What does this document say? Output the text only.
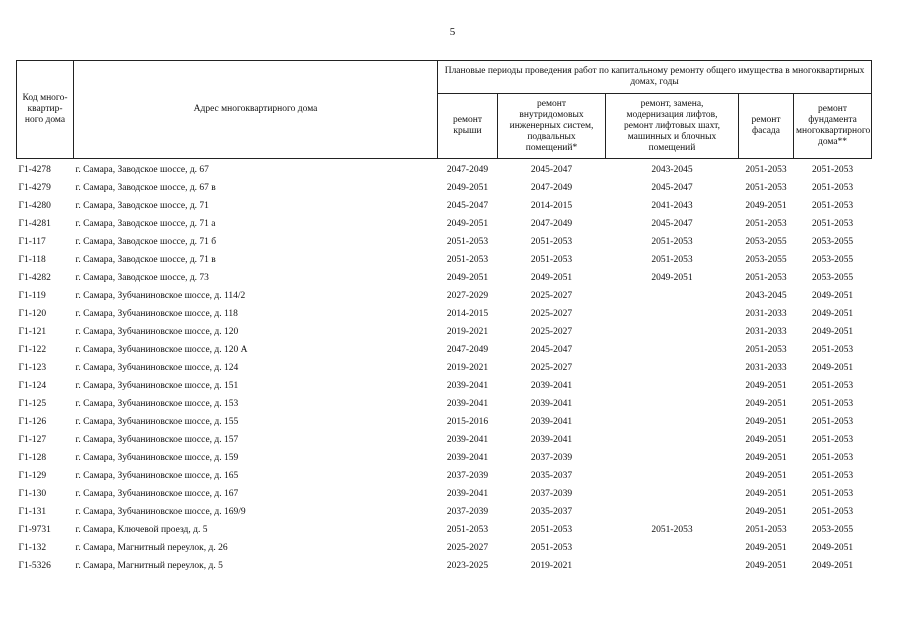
5
Код много-
квартир-
ного дома	Адрес многоквартирного дома	Плановые периоды проведения работ по капитальному ремонту общего имущества в многоквартирных домах, годы				
		ремонт
крыши	ремонт
внутридомовых
инженерных систем,
подвальных
помещений*	ремонт, замена,
модернизация лифтов,
ремонт лифтовых шахт,
машинных и блочных
помещений	ремонт
фасада	ремонт фундамента
многоквартирного
дома**
Г1-4278	г. Самара, Заводское шоссе, д. 67	2047-2049	2045-2047	2043-2045	2051-2053	2051-2053
Г1-4279	г. Самара, Заводское шоссе, д. 67 в	2049-2051	2047-2049	2045-2047	2051-2053	2051-2053
Г1-4280	г. Самара, Заводское шоссе, д. 71	2045-2047	2014-2015	2041-2043	2049-2051	2051-2053
Г1-4281	г. Самара, Заводское шоссе, д. 71 а	2049-2051	2047-2049	2045-2047	2051-2053	2051-2053
Г1-117	г. Самара, Заводское шоссе, д. 71 б	2051-2053	2051-2053	2051-2053	2053-2055	2053-2055
Г1-118	г. Самара, Заводское шоссе, д. 71 в	2051-2053	2051-2053	2051-2053	2053-2055	2053-2055
Г1-4282	г. Самара, Заводское шоссе, д. 73	2049-2051	2049-2051	2049-2051	2051-2053	2053-2055
Г1-119	г. Самара, Зубчаниновское шоссе, д. 114/2	2027-2029	2025-2027		2043-2045	2049-2051
Г1-120	г. Самара, Зубчаниновское шоссе, д. 118	2014-2015	2025-2027		2031-2033	2049-2051
Г1-121	г. Самара, Зубчаниновское шоссе, д. 120	2019-2021	2025-2027		2031-2033	2049-2051
Г1-122	г. Самара, Зубчаниновское шоссе, д. 120 А	2047-2049	2045-2047		2051-2053	2051-2053
Г1-123	г. Самара, Зубчаниновское шоссе, д. 124	2019-2021	2025-2027		2031-2033	2049-2051
Г1-124	г. Самара, Зубчаниновское шоссе, д. 151	2039-2041	2039-2041		2049-2051	2051-2053
Г1-125	г. Самара, Зубчаниновское шоссе, д. 153	2039-2041	2039-2041		2049-2051	2051-2053
Г1-126	г. Самара, Зубчаниновское шоссе, д. 155	2015-2016	2039-2041		2049-2051	2051-2053
Г1-127	г. Самара, Зубчаниновское шоссе, д. 157	2039-2041	2039-2041		2049-2051	2051-2053
Г1-128	г. Самара, Зубчаниновское шоссе, д. 159	2039-2041	2037-2039		2049-2051	2051-2053
Г1-129	г. Самара, Зубчаниновское шоссе, д. 165	2037-2039	2035-2037		2049-2051	2051-2053
Г1-130	г. Самара, Зубчаниновское шоссе, д. 167	2039-2041	2037-2039		2049-2051	2051-2053
Г1-131	г. Самара, Зубчаниновское шоссе, д. 169/9	2037-2039	2035-2037		2049-2051	2051-2053
Г1-9731	г. Самара, Ключевой проезд, д. 5	2051-2053	2051-2053	2051-2053	2051-2053	2053-2055
Г1-132	г. Самара, Магнитный переулок, д. 26	2025-2027	2051-2053		2049-2051	2049-2051
Г1-5326	г. Самара, Магнитный переулок, д. 5	2023-2025	2019-2021		2049-2051	2049-2051
